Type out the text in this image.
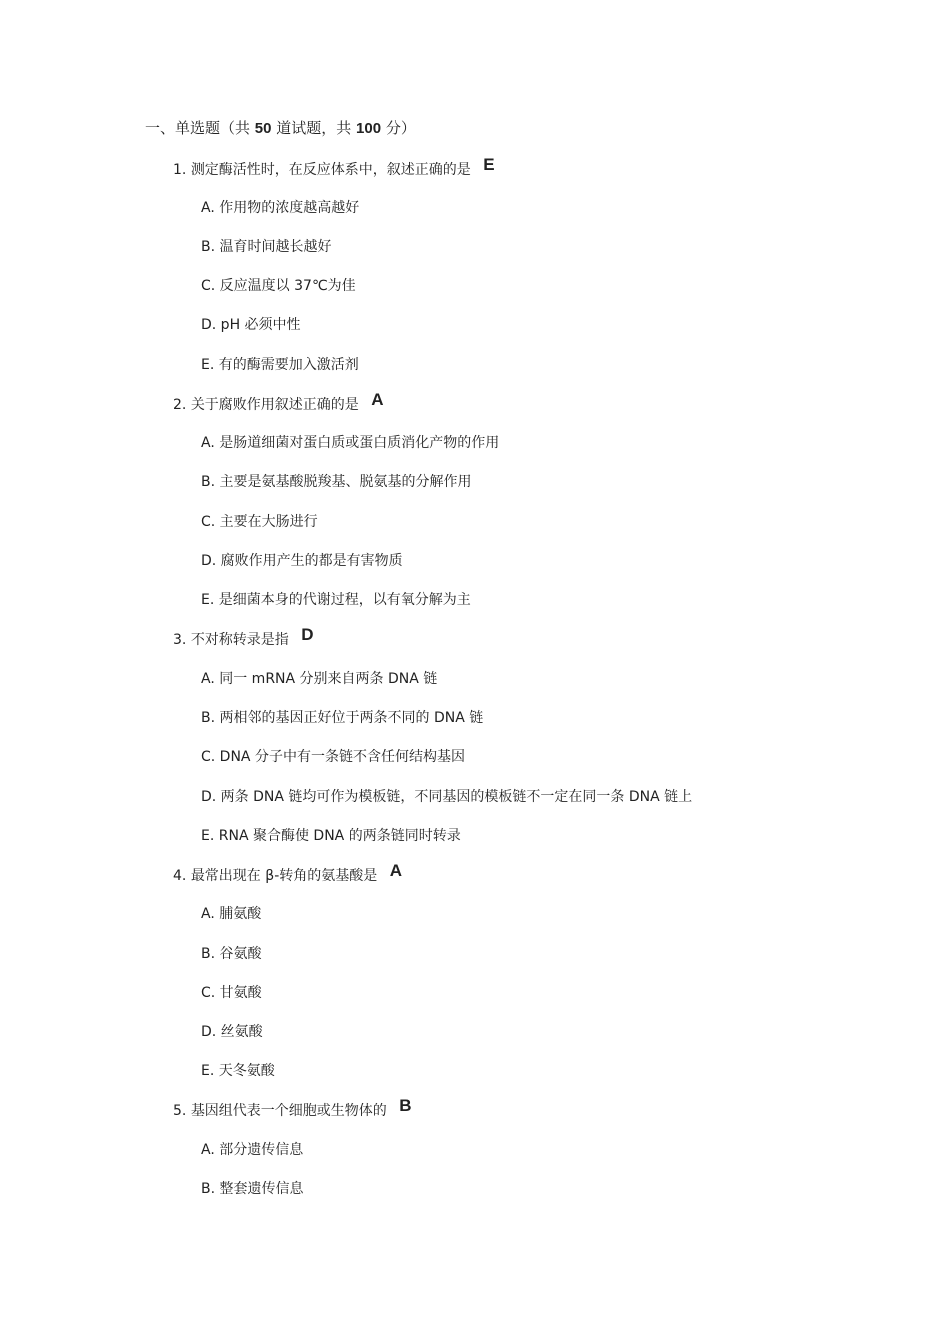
一、单选题（共 50 道试题，共 100 分）
1. 测定酶活性时，在反应体系中，叙述正确的是 E
A. 作用物的浓度越高越好
B. 温育时间越长越好
C. 反应温度以 37℃为佳
D. pH 必须中性
E. 有的酶需要加入激活剂
2. 关于腐败作用叙述正确的是 A
A. 是肠道细菌对蛋白质或蛋白质消化产物的作用
B. 主要是氨基酸脱羧基、脱氨基的分解作用
C. 主要在大肠进行
D. 腐败作用产生的都是有害物质
E. 是细菌本身的代谢过程，以有氧分解为主
3. 不对称转录是指 D
A. 同一 mRNA 分别来自两条 DNA 链
B. 两相邻的基因正好位于两条不同的 DNA 链
C. DNA 分子中有一条链不含任何结构基因
D. 两条 DNA 链均可作为模板链，不同基因的模板链不一定在同一条 DNA 链上
E. RNA 聚合酶使 DNA 的两条链同时转录
4. 最常出现在 β-转角的氨基酸是 A
A. 脯氨酸
B. 谷氨酸
C. 甘氨酸
D. 丝氨酸
E. 天冬氨酸
5. 基因组代表一个细胞或生物体的 B
A. 部分遗传信息
B. 整套遗传信息
